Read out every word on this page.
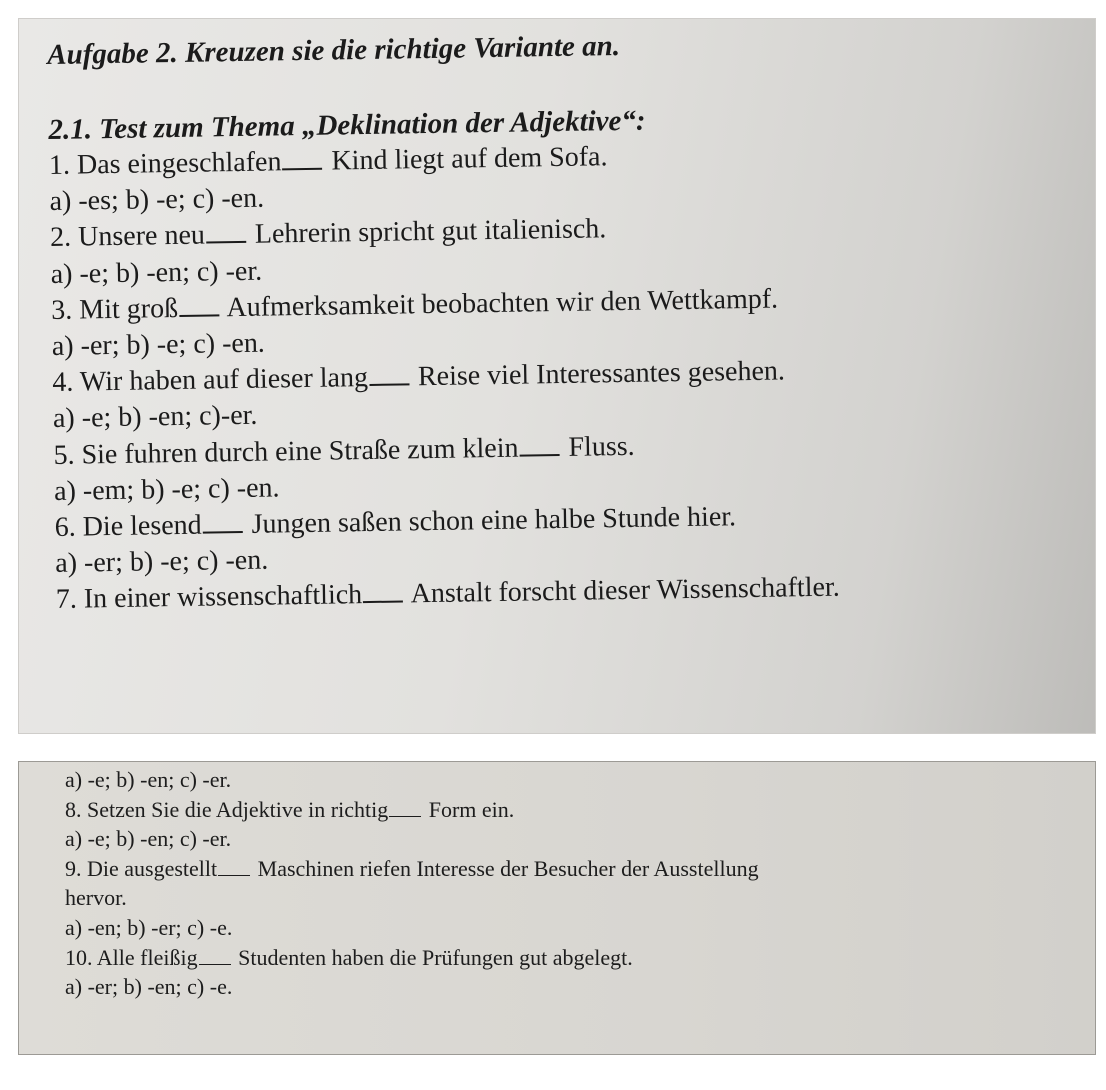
Aufgabe 2. Kreuzen sie die richtige Variante an.

2.1. Test zum Thema „Deklination der Adjektive“:

1. Das eingeschlafen Kind liegt auf dem Sofa.

a) -es; b) -e; c) -en.

2. Unsere neu Lehrerin spricht gut italienisch.

a) -e; b) -en; c) -er.

3. Mit groß Aufmerksamkeit beobachten wir den Wettkampf.

a) -er; b) -e; c) -en.

4. Wir haben auf dieser lang Reise viel Interessantes gesehen.

a) -e; b) -en; c)-er.

5. Sie fuhren durch eine Straße zum klein Fluss.

a) -em; b) -e; c) -en.

6. Die lesend Jungen saßen schon eine halbe Stunde hier.

a) -er; b) -e; c) -en.

7. In einer wissenschaftlich Anstalt forscht dieser Wissenschaftler.

a) -e; b) -en; c) -er.

8. Setzen Sie die Adjektive in richtig Form ein.

a) -e; b) -en; c) -er.

9. Die ausgestellt Maschinen riefen Interesse der Besucher der Ausstellung

hervor.

a) -en; b) -er; c) -e.

10. Alle fleißig Studenten haben die Prüfungen gut abgelegt.

a) -er; b) -en; c) -e.
